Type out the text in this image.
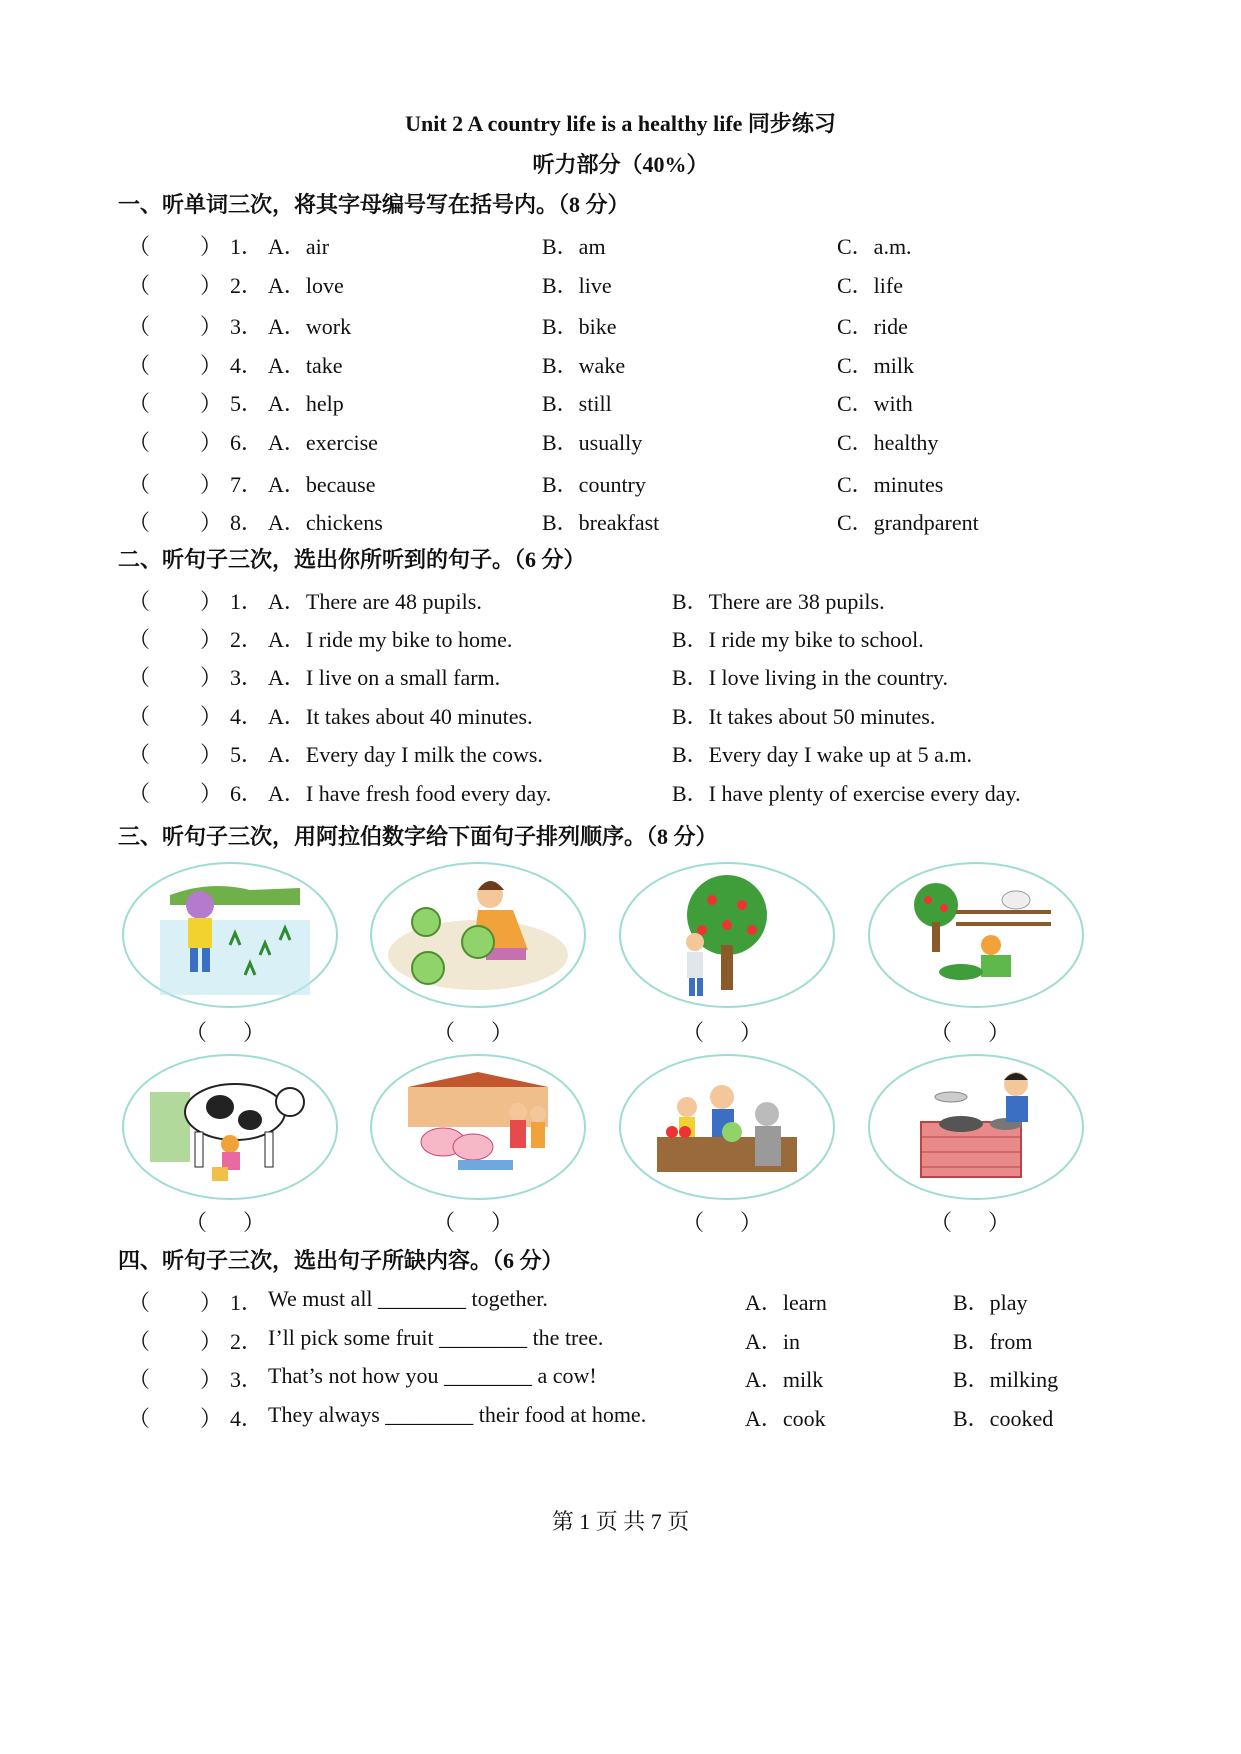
Unit 2 A country life is a healthy life 同步练习
听力部分（40%）
一、听单词三次，将其字母编号写在括号内。（8 分）
（ ） 1． A．air	B．am	C．a.m.
（ ） 2． A．love	B．live	C．life
（ ） 3． A．work	B．bike	C．ride
（ ） 4． A．take	B．wake	C．milk
（ ） 5． A．help	B．still	C．with
（ ） 6． A．exercise	B．usually	C．healthy
（ ） 7． A．because	B．country	C．minutes
（ ） 8． A．chickens	B．breakfast	C．grandparent
二、听句子三次，选出你所听到的句子。（6 分）
（ ） 1． A．There are 48 pupils.	B．There are 38 pupils.
（ ） 2． A．I ride my bike to home.	B．I ride my bike to school.
（ ） 3． A．I live on a small farm.	B．I love living in the country.
（ ） 4． A．It takes about 40 minutes.	B．It takes about 50 minutes.
（ ） 5． A．Every day I milk the cows.	B．Every day I wake up at 5 a.m.
（ ） 6． A．I have fresh food every day.	B．I have plenty of exercise every day.
三、听句子三次，用阿拉伯数字给下面句子排列顺序。（8 分）
（ ）	（ ）	（ ）	（ ）
（ ）	（ ）	（ ）	（ ）
四、听句子三次，选出句子所缺内容。（6 分）
（ ） 1． We must all ________ together.	A．learn	B．play
（ ） 2． I’ll pick some fruit ________ the tree.	A．in	B．from
（ ） 3． That’s not how you ________ a cow!	A．milk	B．milking
（ ） 4． They always ________ their food at home.	A．cook	B．cooked
第 1 页 共 7 页
